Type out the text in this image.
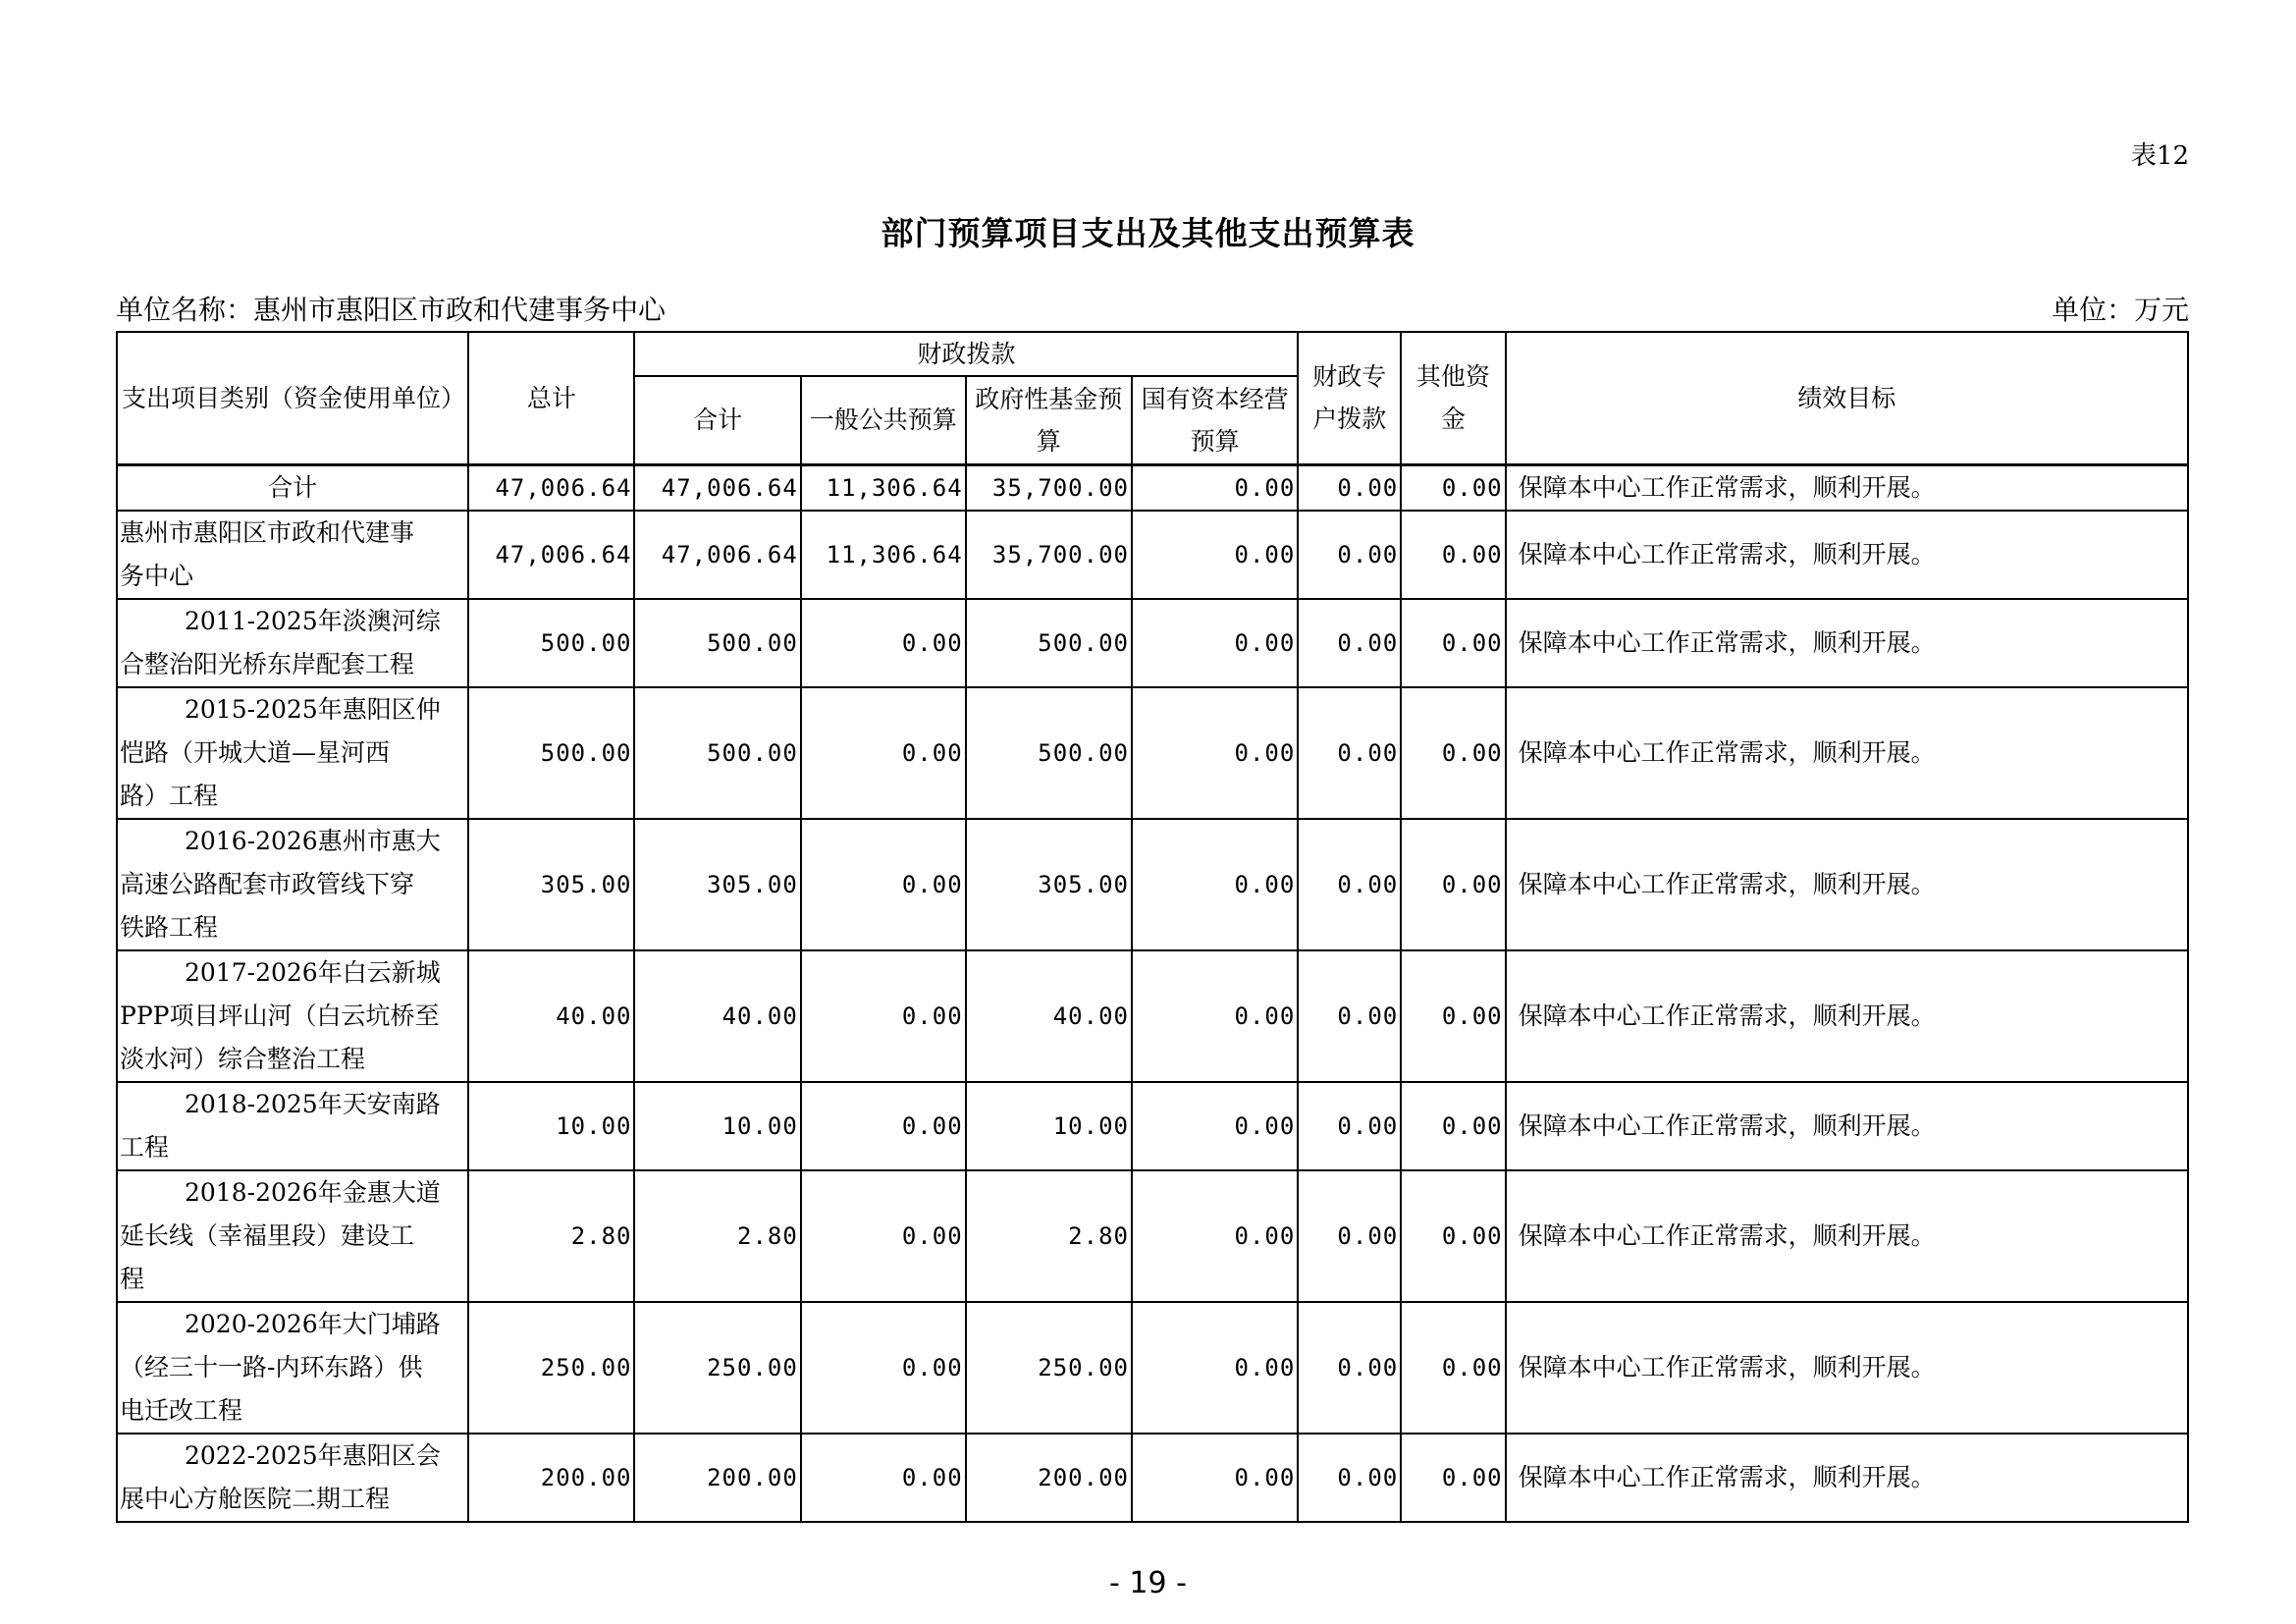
表12
部门预算项目支出及其他支出预算表
单位名称：惠州市惠阳区市政和代建事务中心	单位：万元
支出项目类别（资金使用单位）	总计	财政拨款				财政专户拨款	其他资金	绩效目标
		合计	一般公共预算	政府性基金预算	国有资本经营预算			
合计	47,006.64	47,006.64	11,306.64	35,700.00	0.00	0.00	0.00	保障本中心工作正常需求，顺利开展。

惠州市惠阳区市政和代建事
务中心	47,006.64	47,006.64	11,306.64	35,700.00	0.00	0.00	0.00	保障本中心工作正常需求，顺利开展。

2011-2025年淡澳河综
合整治阳光桥东岸配套工程	500.00	500.00	0.00	500.00	0.00	0.00	0.00	保障本中心工作正常需求，顺利开展。

2015-2025年惠阳区仲
恺路（开城大道—星河西
路）工程	500.00	500.00	0.00	500.00	0.00	0.00	0.00	保障本中心工作正常需求，顺利开展。

2016-2026惠州市惠大
高速公路配套市政管线下穿
铁路工程	305.00	305.00	0.00	305.00	0.00	0.00	0.00	保障本中心工作正常需求，顺利开展。

2017-2026年白云新城
PPP项目坪山河（白云坑桥至
淡水河）综合整治工程	40.00	40.00	0.00	40.00	0.00	0.00	0.00	保障本中心工作正常需求，顺利开展。

2018-2025年天安南路
工程	10.00	10.00	0.00	10.00	0.00	0.00	0.00	保障本中心工作正常需求，顺利开展。

2018-2026年金惠大道
延长线（幸福里段）建设工
程	2.80	2.80	0.00	2.80	0.00	0.00	0.00	保障本中心工作正常需求，顺利开展。

2020-2026年大门埔路
（经三十一路-内环东路）供
电迁改工程	250.00	250.00	0.00	250.00	0.00	0.00	0.00	保障本中心工作正常需求，顺利开展。

2022-2025年惠阳区会
展中心方舱医院二期工程	200.00	200.00	0.00	200.00	0.00	0.00	0.00	保障本中心工作正常需求，顺利开展。
- 19 -
